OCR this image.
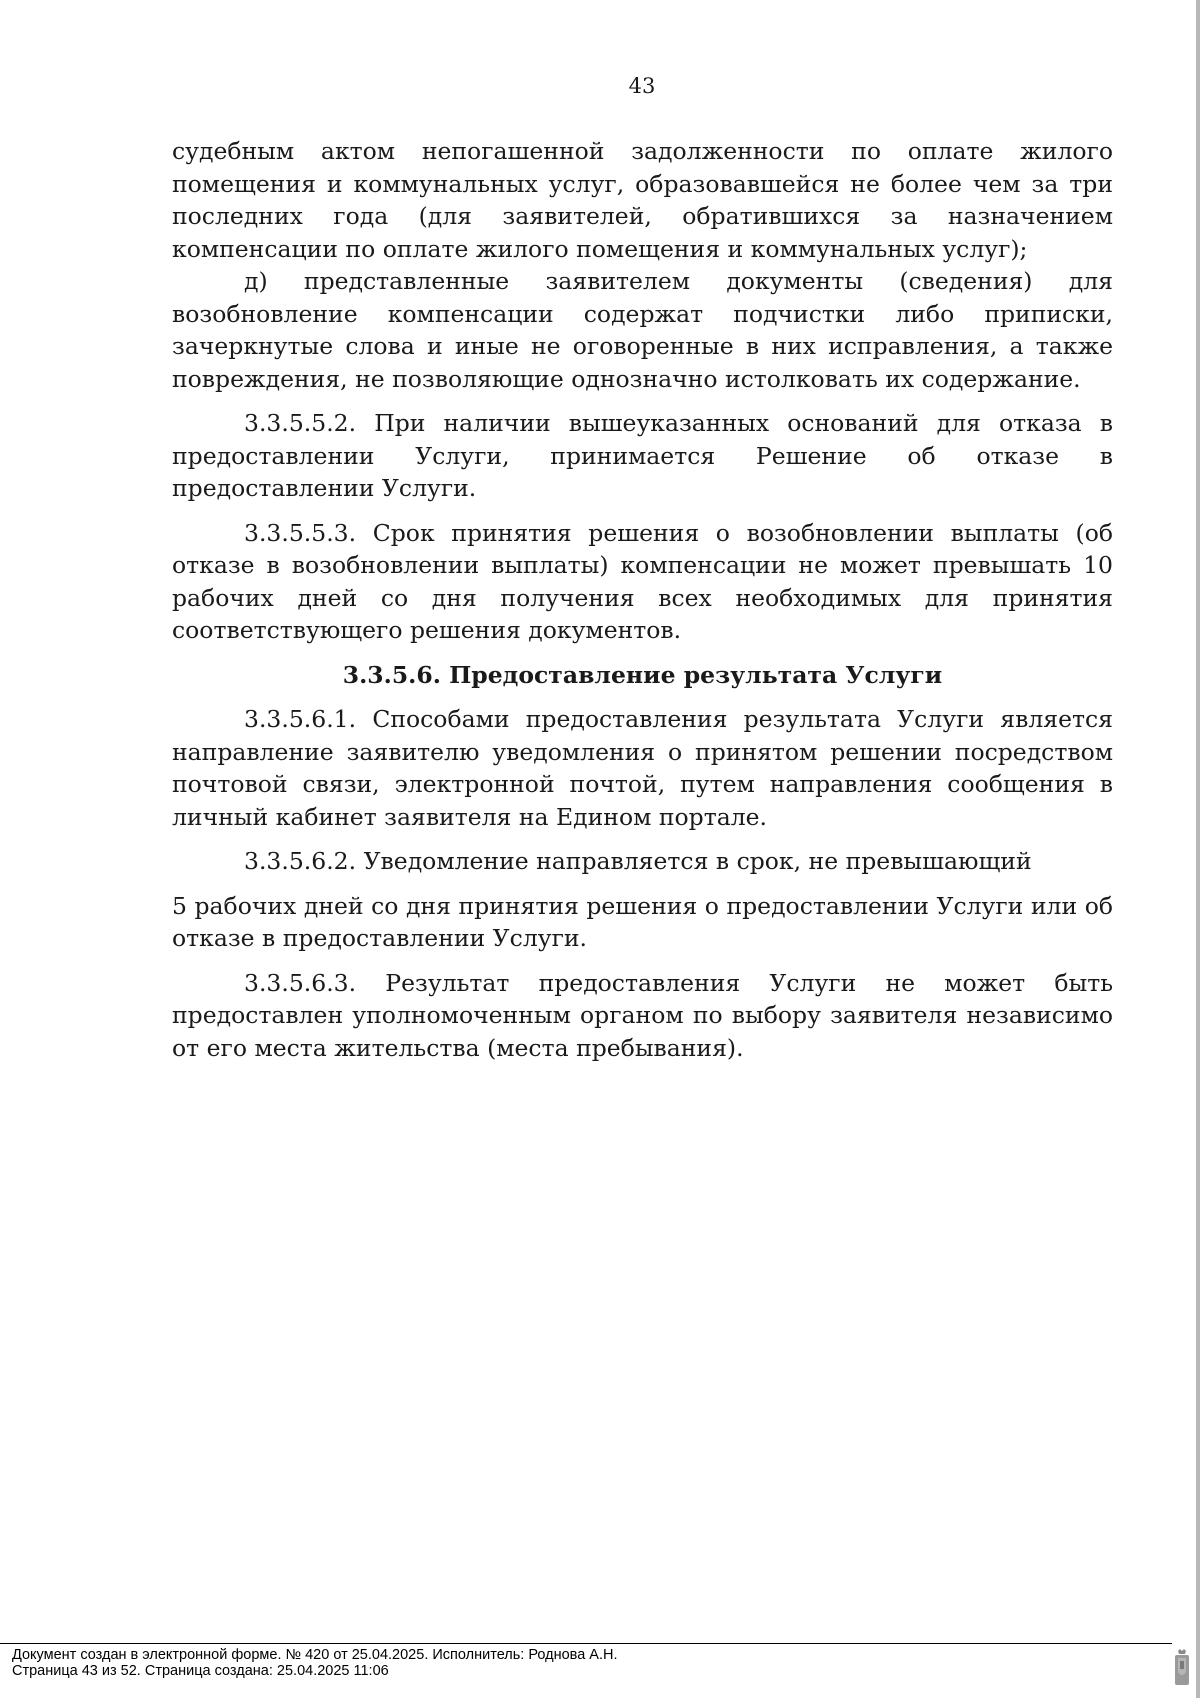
43

судебным актом непогашенной задолженности по оплате жилого помещения и коммунальных услуг, образовавшейся не более чем за три последних года (для заявителей, обратившихся за назначением компенсации по оплате жилого помещения и коммунальных услуг);

д) представленные заявителем документы (сведения) для возобновление компенсации содержат подчистки либо приписки, зачеркнутые слова и иные не оговоренные в них исправления, а также повреждения, не позволяющие однозначно истолковать их содержание.

3.3.5.5.2. При наличии вышеуказанных оснований для отказа в предоставлении Услуги, принимается Решение об отказе в предоставлении Услуги.

3.3.5.5.3. Срок принятия решения о возобновлении выплаты (об отказе в возобновлении выплаты) компенсации не может превышать 10 рабочих дней со дня получения всех необходимых для принятия соответствующего решения документов.

3.3.5.6. Предоставление результата Услуги

3.3.5.6.1. Способами предоставления результата Услуги является направление заявителю уведомления о принятом решении посредством почтовой связи, электронной почтой, путем направления сообщения в личный кабинет заявителя на Едином портале.

3.3.5.6.2. Уведомление направляется в срок, не превышающий

5 рабочих дней со дня принятия решения о предоставлении Услуги или об отказе в предоставлении Услуги.

3.3.5.6.3. Результат предоставления Услуги не может быть предоставлен уполномоченным органом по выбору заявителя независимо от его места жительства (места пребывания).

Документ создан в электронной форме. № 420 от 25.04.2025. Исполнитель: Роднова А.Н.
Страница 43 из 52. Страница создана: 25.04.2025 11:06
